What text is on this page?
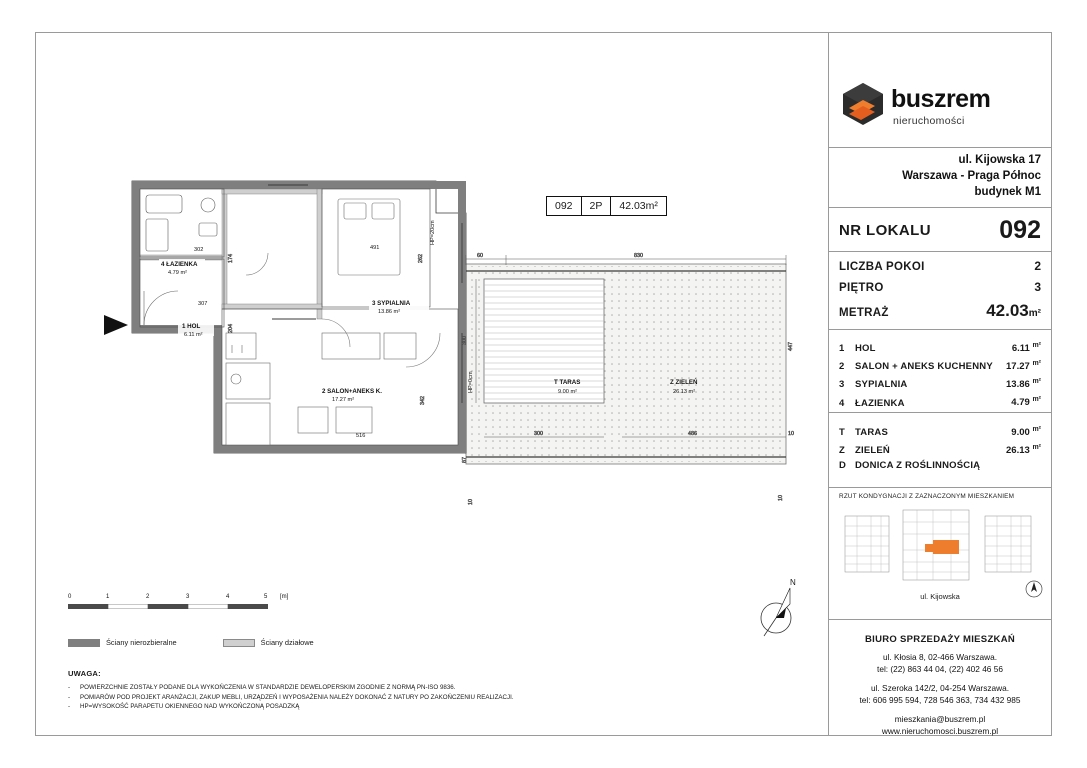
092	2P	42.03m²
4 ŁAZIENKA
4.79 m²
1 HOL
6.11 m²
3 SYPIALNIA
13.86 m²
2 SALON+ANEKS K.
17.27 m²
T TARAS
9.00 m²
Z ZIELEŃ
26.13 m²
302
307
491
516
HP=20cm
HP=0cm
60	830
300
87
300	486	10
447
10
10
262
204
174
342
0	1	2	3	4	5 [m]
Ściany nierozbieralne	Ściany działowe
UWAGA:
-	POWIERZCHNIE ZOSTAŁY PODANE DLA WYKOŃCZENIA W STANDARDZIE DEWELOPERSKIM ZGODNIE Z NORMĄ PN-ISO 9836.
-	POMIARÓW POD PROJEKT ARANŻACJI, ZAKUP MEBLI, URZĄDZEŃ I WYPOSAŻENIA NALEŻY DOKONAĆ Z NATURY PO ZAKOŃCZENIU REALIZACJI.
-	HP=WYSOKOŚĆ PARAPETU OKIENNEGO NAD WYKOŃCZONĄ POSADZKĄ
N
buszrem
nieruchomości
ul. Kijowska 17
Warszawa - Praga Północ
budynek M1
NR LOKALU	092
LICZBA POKOI	2
PIĘTRO	3
METRAŻ	42.03m²
1	HOL	6.11 $^{m^2}$
2	SALON + ANEKS KUCHENNY	17.27 $^{m^2}$
3	SYPIALNIA	13.86 $^{m^2}$
4	ŁAZIENKA	4.79 $^{m^2}$
T	TARAS	9.00 $^{m^2}$
Z	ZIELEŃ	26.13 $^{m^2}$
D DONICA Z ROŚLINNOŚCIĄ
RZUT KONDYGNACJI Z ZAZNACZONYM MIESZKANIEM
ul. Kijowska
BIURO SPRZEDAŻY MIESZKAŃ
ul. Kłosia 8, 02-466 Warszawa.
tel: (22) 863 44 04, (22) 402 46 56
ul. Szeroka 142/2, 04-254 Warszawa.
tel: 606 995 594, 728 546 363, 734 432 985
mieszkania@buszrem.pl
www.nieruchomosci.buszrem.pl
